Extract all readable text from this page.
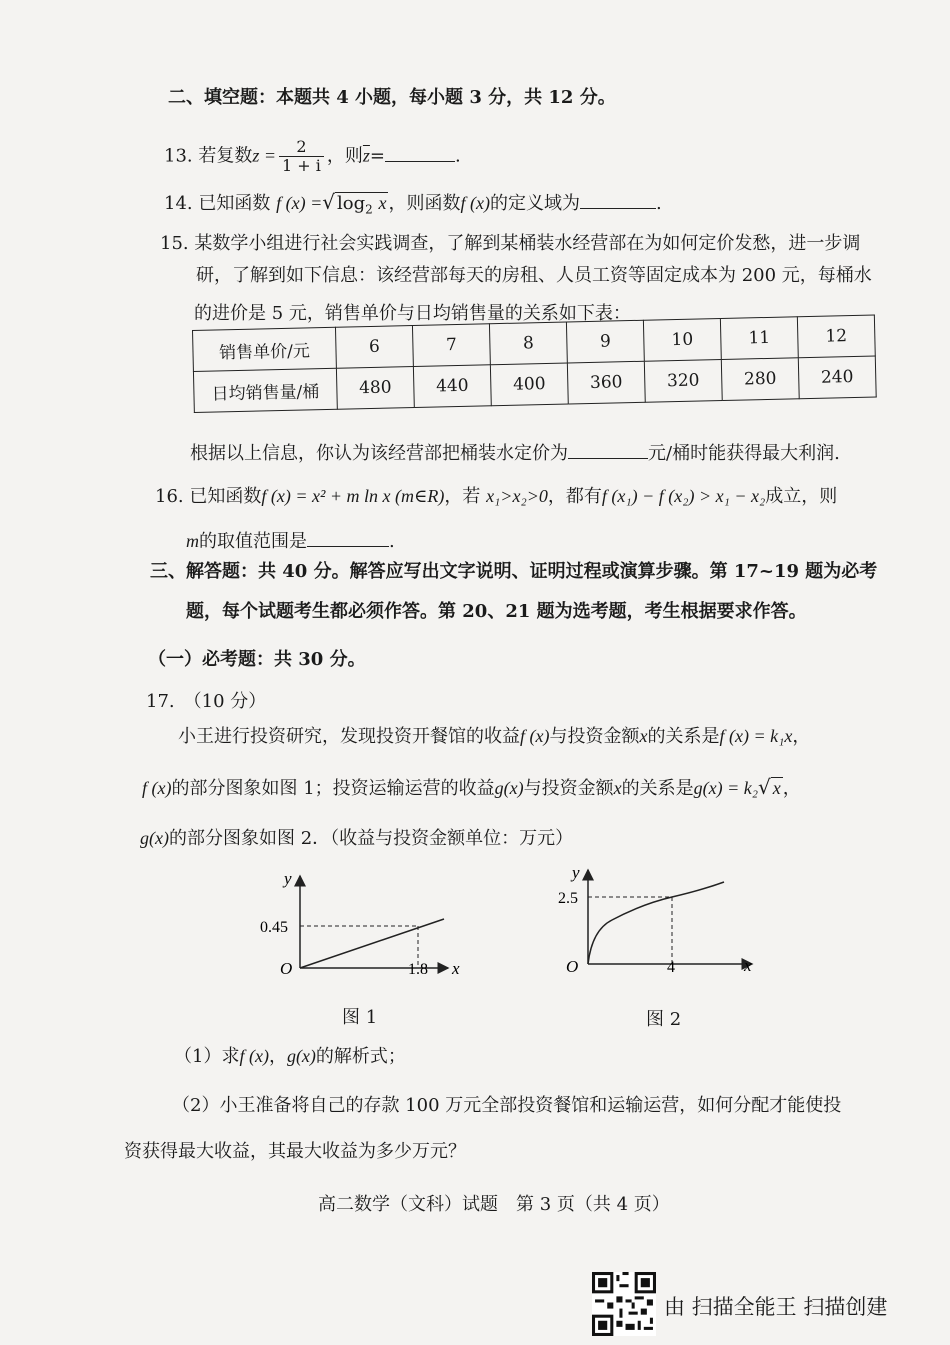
二、填空题：本题共 4 小题，每小题 3 分，共 12 分。
13. 若复数$z = \frac{2}{1 + i}$ ，则$\overline{z}=$	.
14. 已知函数 f (x) =√ $\log_2 x$ ，则函数f (x)的定义域为	.
15. 某数学小组进行社会实践调查，了解到某桶装水经营部在为如何定价发愁，进一步调
研，了解到如下信息：该经营部每天的房租、人员工资等固定成本为 200 元，每桶水
的进价是 5 元，销售单价与日均销售量的关系如下表：
销售单价/元	6	7	8	9	10	11	12
日均销售量/桶	480	440	400	360	320	280	240
根据以上信息，你认为该经营部把桶装水定价为	元/桶时能获得最大利润.
16. 已知函数f (x) = x² + m ln x (m∈R)，若 x₁>x₂>0，都有f (x₁) − f (x₂) > x₁ − x₂成立，则
m的取值范围是	.
三、解答题：共 40 分。解答应写出文字说明、证明过程或演算步骤。第 17~19 题为必考
题，每个试题考生都必须作答。第 20、21 题为选考题，考生根据要求作答。
（一）必考题：共 30 分。
17.　 （10 分）
小王进行投资研究，发现投资开餐馆的收益f (x)与投资金额x的关系是f (x) = k₁x，
f (x)的部分图象如图 1；投资运输运营的收益g(x)与投资金额x的关系是g(x) = k₂√ x ，
g(x)的部分图象如图 2．（收益与投资金额单位：万元）
y
x
O
0.45
1.8
图 1
y
x
O
2.5
4
图 2
（1）求f (x)，g(x)的解析式；
（2）小王准备将自己的存款 100 万元全部投资餐馆和运输运营，如何分配才能使投
资获得最大收益，其最大收益为多少万元？
高二数学（文科）试题　第 3 页（共 4 页）
由 扫描全能王 扫描创建
